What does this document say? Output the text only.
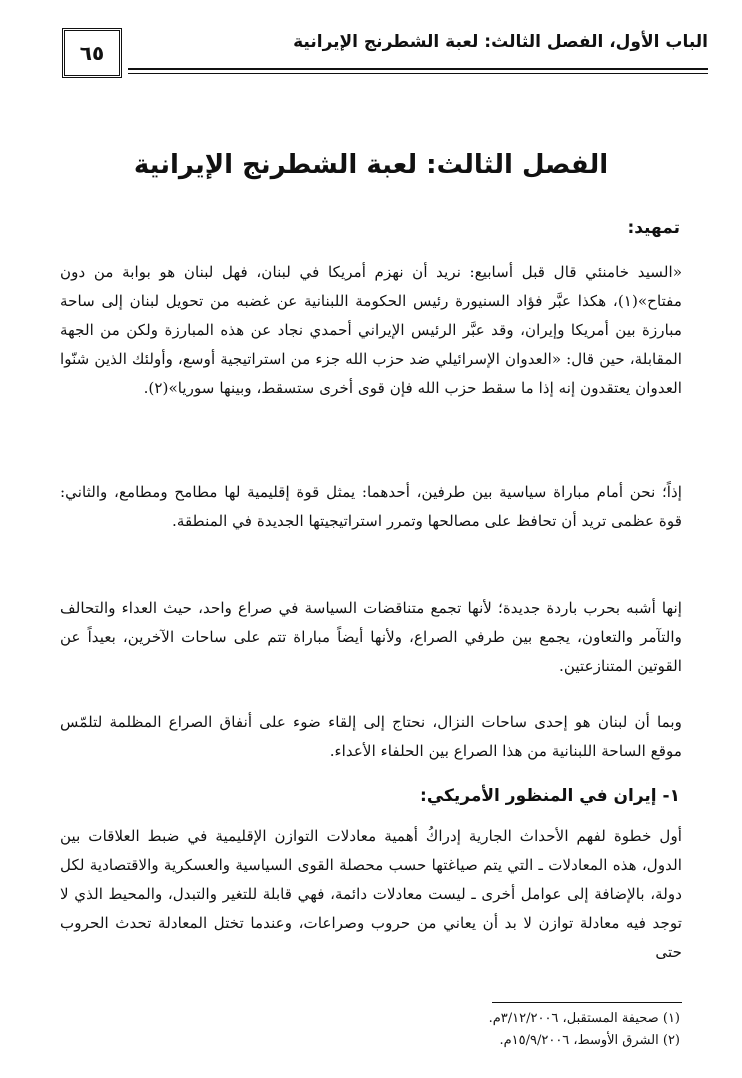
الباب الأول، الفصل الثالث: لعبة الشطرنج الإيرانية
٦٥
الفصل الثالث: لعبة الشطرنج الإيرانية
تمهيد:
«السيد خامنئي قال قبل أسابيع: نريد أن نهزم أمريكا في لبنان، فهل لبنان هو بوابة من دون مفتاح»(١)، هكذا عبَّر فؤاد السنيورة رئيس الحكومة اللبنانية عن غضبه من تحويل لبنان إلى ساحة مبارزة بين أمريكا وإيران، وقد عبَّر الرئيس الإيراني أحمدي نجاد عن هذه المبارزة ولكن من الجهة المقابلة، حين قال: «العدوان الإسرائيلي ضد حزب الله جزء من استراتيجية أوسع، وأولئك الذين شنّوا العدوان يعتقدون إنه إذا ما سقط حزب الله فإن قوى أخرى ستسقط، وبينها سوريا»(٢).
إذاً؛ نحن أمام مباراة سياسية بين طرفين، أحدهما: يمثل قوة إقليمية لها مطامح ومطامع، والثاني: قوة عظمى تريد أن تحافظ على مصالحها وتمرر استراتيجيتها الجديدة في المنطقة.
إنها أشبه بحرب باردة جديدة؛ لأنها تجمع متناقضات السياسة في صراع واحد، حيث العداء والتحالف والتآمر والتعاون، يجمع بين طرفي الصراع، ولأنها أيضاً مباراة تتم على ساحات الآخرين، بعيداً عن القوتين المتنازعتين.
وبما أن لبنان هو إحدى ساحات النزال، نحتاج إلى إلقاء ضوء على أنفاق الصراع المظلمة لتلمّس موقع الساحة اللبنانية من هذا الصراع بين الحلفاء الأعداء.
١- إيران في المنظور الأمريكي:
أول خطوة لفهم الأحداث الجارية إدراكُ أهمية معادلات التوازن الإقليمية في ضبط العلاقات بين الدول، هذه المعادلات ـ التي يتم صياغتها حسب محصلة القوى السياسية والعسكرية والاقتصادية لكل دولة، بالإضافة إلى عوامل أخرى ـ ليست معادلات دائمة، فهي قابلة للتغير والتبدل، والمحيط الذي لا توجد فيه معادلة توازن لا بد أن يعاني من حروب وصراعات، وعندما تختل المعادلة تحدث الحروب حتى
(١) صحيفة المستقبل، ٣/١٢/٢٠٠٦م.
(٢) الشرق الأوسط، ١٥/٩/٢٠٠٦م.
